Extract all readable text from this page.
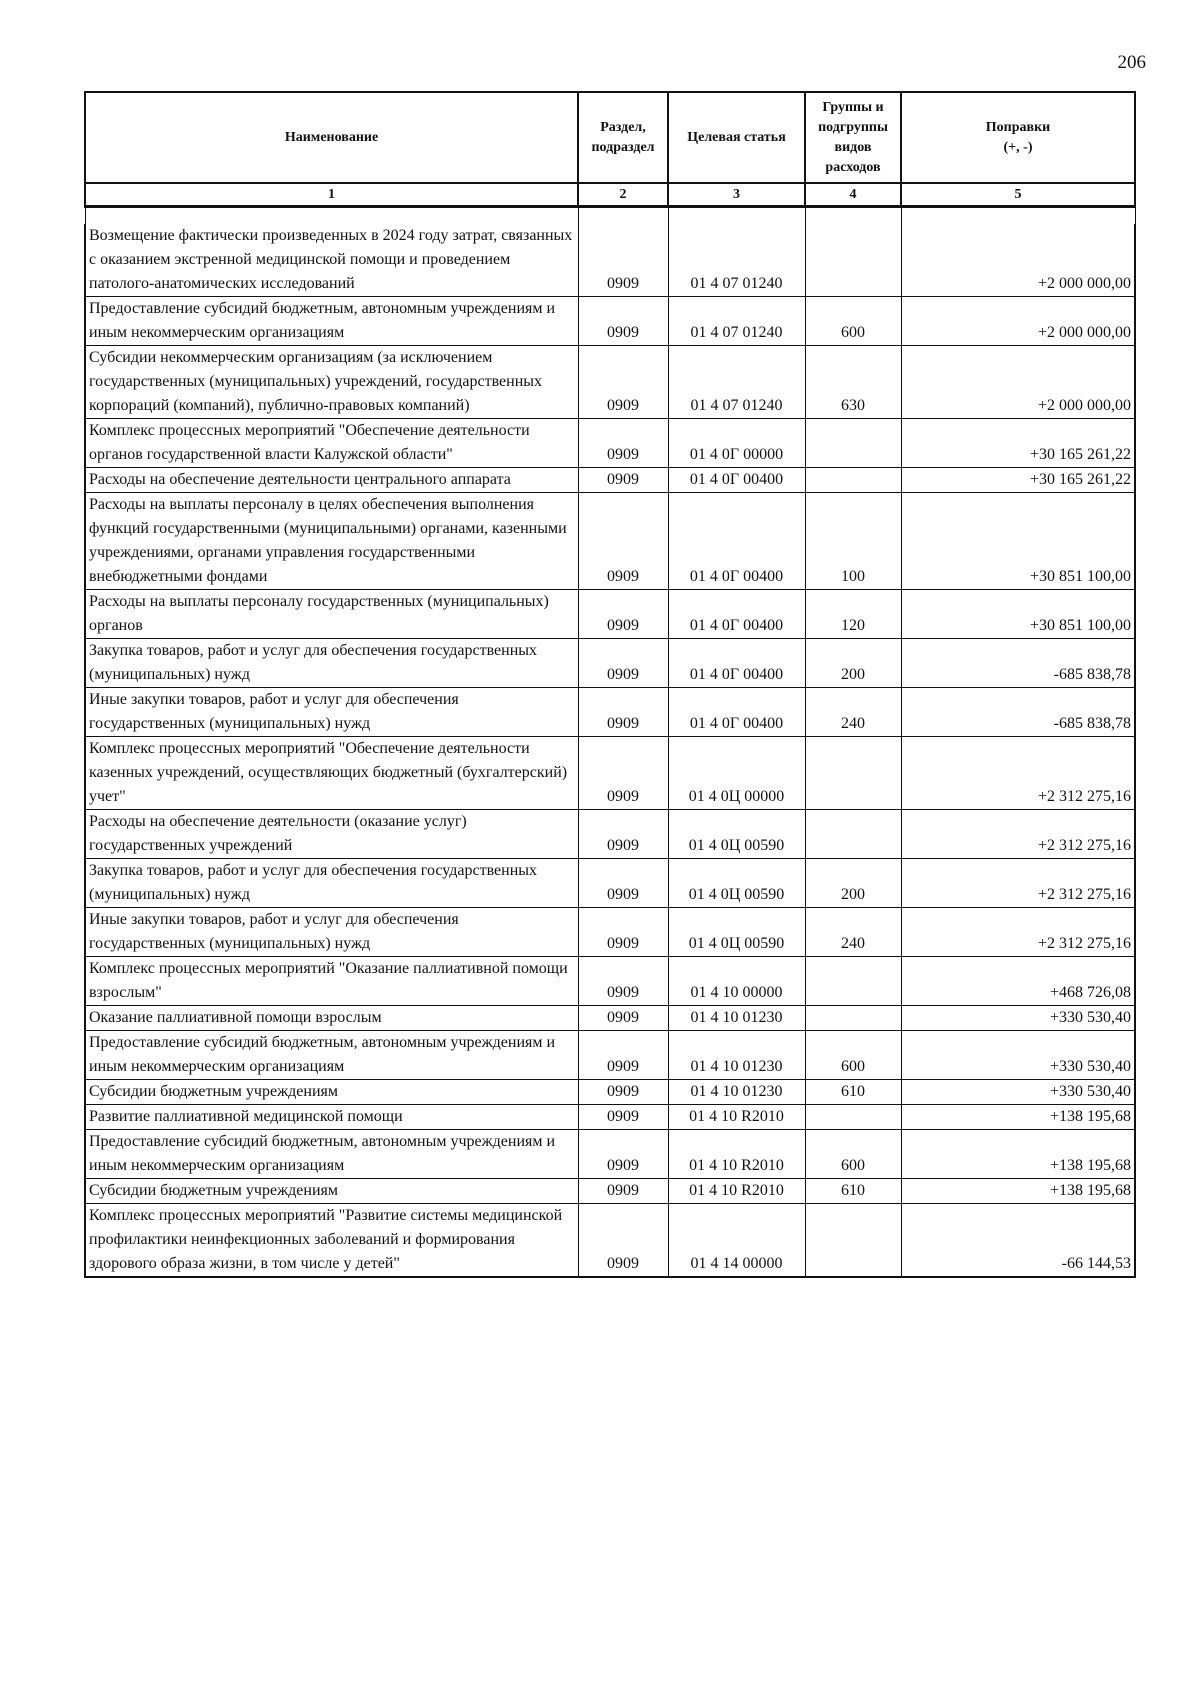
206
Наименование	Раздел, подраздел	Целевая статья	Группы и подгруппы видов расходов	Поправки
(+, -)
1	2	3	4	5

Возмещение фактически произведенных в 2024 году затрат, связанных с оказанием экстренной медицинской помощи и проведением патолого-анатомических исследований	0909	01 4 07 01240		+2 000 000,00
Предоставление субсидий бюджетным, автономным учреждениям и иным некоммерческим организациям	0909	01 4 07 01240	600	+2 000 000,00
Субсидии некоммерческим организациям (за исключением государственных (муниципальных) учреждений, государственных корпораций (компаний), публично-правовых компаний)	0909	01 4 07 01240	630	+2 000 000,00
Комплекс процессных мероприятий "Обеспечение деятельности органов государственной власти Калужской области"	0909	01 4 0Г 00000		+30 165 261,22
Расходы на обеспечение деятельности центрального аппарата	0909	01 4 0Г 00400		+30 165 261,22
Расходы на выплаты персоналу в целях обеспечения выполнения функций государственными (муниципальными) органами, казенными учреждениями, органами управления государственными внебюджетными фондами	0909	01 4 0Г 00400	100	+30 851 100,00
Расходы на выплаты персоналу государственных (муниципальных) органов	0909	01 4 0Г 00400	120	+30 851 100,00
Закупка товаров, работ и услуг для обеспечения государственных (муниципальных) нужд	0909	01 4 0Г 00400	200	-685 838,78
Иные закупки товаров, работ и услуг для обеспечения государственных (муниципальных) нужд	0909	01 4 0Г 00400	240	-685 838,78
Комплекс процессных мероприятий "Обеспечение деятельности казенных учреждений, осуществляющих бюджетный (бухгалтерский) учет"	0909	01 4 0Ц 00000		+2 312 275,16
Расходы на обеспечение деятельности (оказание услуг) государственных учреждений	0909	01 4 0Ц 00590		+2 312 275,16
Закупка товаров, работ и услуг для обеспечения государственных (муниципальных) нужд	0909	01 4 0Ц 00590	200	+2 312 275,16
Иные закупки товаров, работ и услуг для обеспечения государственных (муниципальных) нужд	0909	01 4 0Ц 00590	240	+2 312 275,16
Комплекс процессных мероприятий "Оказание паллиативной помощи взрослым"	0909	01 4 10 00000		+468 726,08
Оказание паллиативной помощи взрослым	0909	01 4 10 01230		+330 530,40
Предоставление субсидий бюджетным, автономным учреждениям и иным некоммерческим организациям	0909	01 4 10 01230	600	+330 530,40
Субсидии бюджетным учреждениям	0909	01 4 10 01230	610	+330 530,40
Развитие паллиативной медицинской помощи	0909	01 4 10 R2010		+138 195,68
Предоставление субсидий бюджетным, автономным учреждениям и иным некоммерческим организациям	0909	01 4 10 R2010	600	+138 195,68
Субсидии бюджетным учреждениям	0909	01 4 10 R2010	610	+138 195,68
Комплекс процессных мероприятий "Развитие системы медицинской профилактики неинфекционных заболеваний и формирования здорового образа жизни, в том числе у детей"	0909	01 4 14 00000		-66 144,53
